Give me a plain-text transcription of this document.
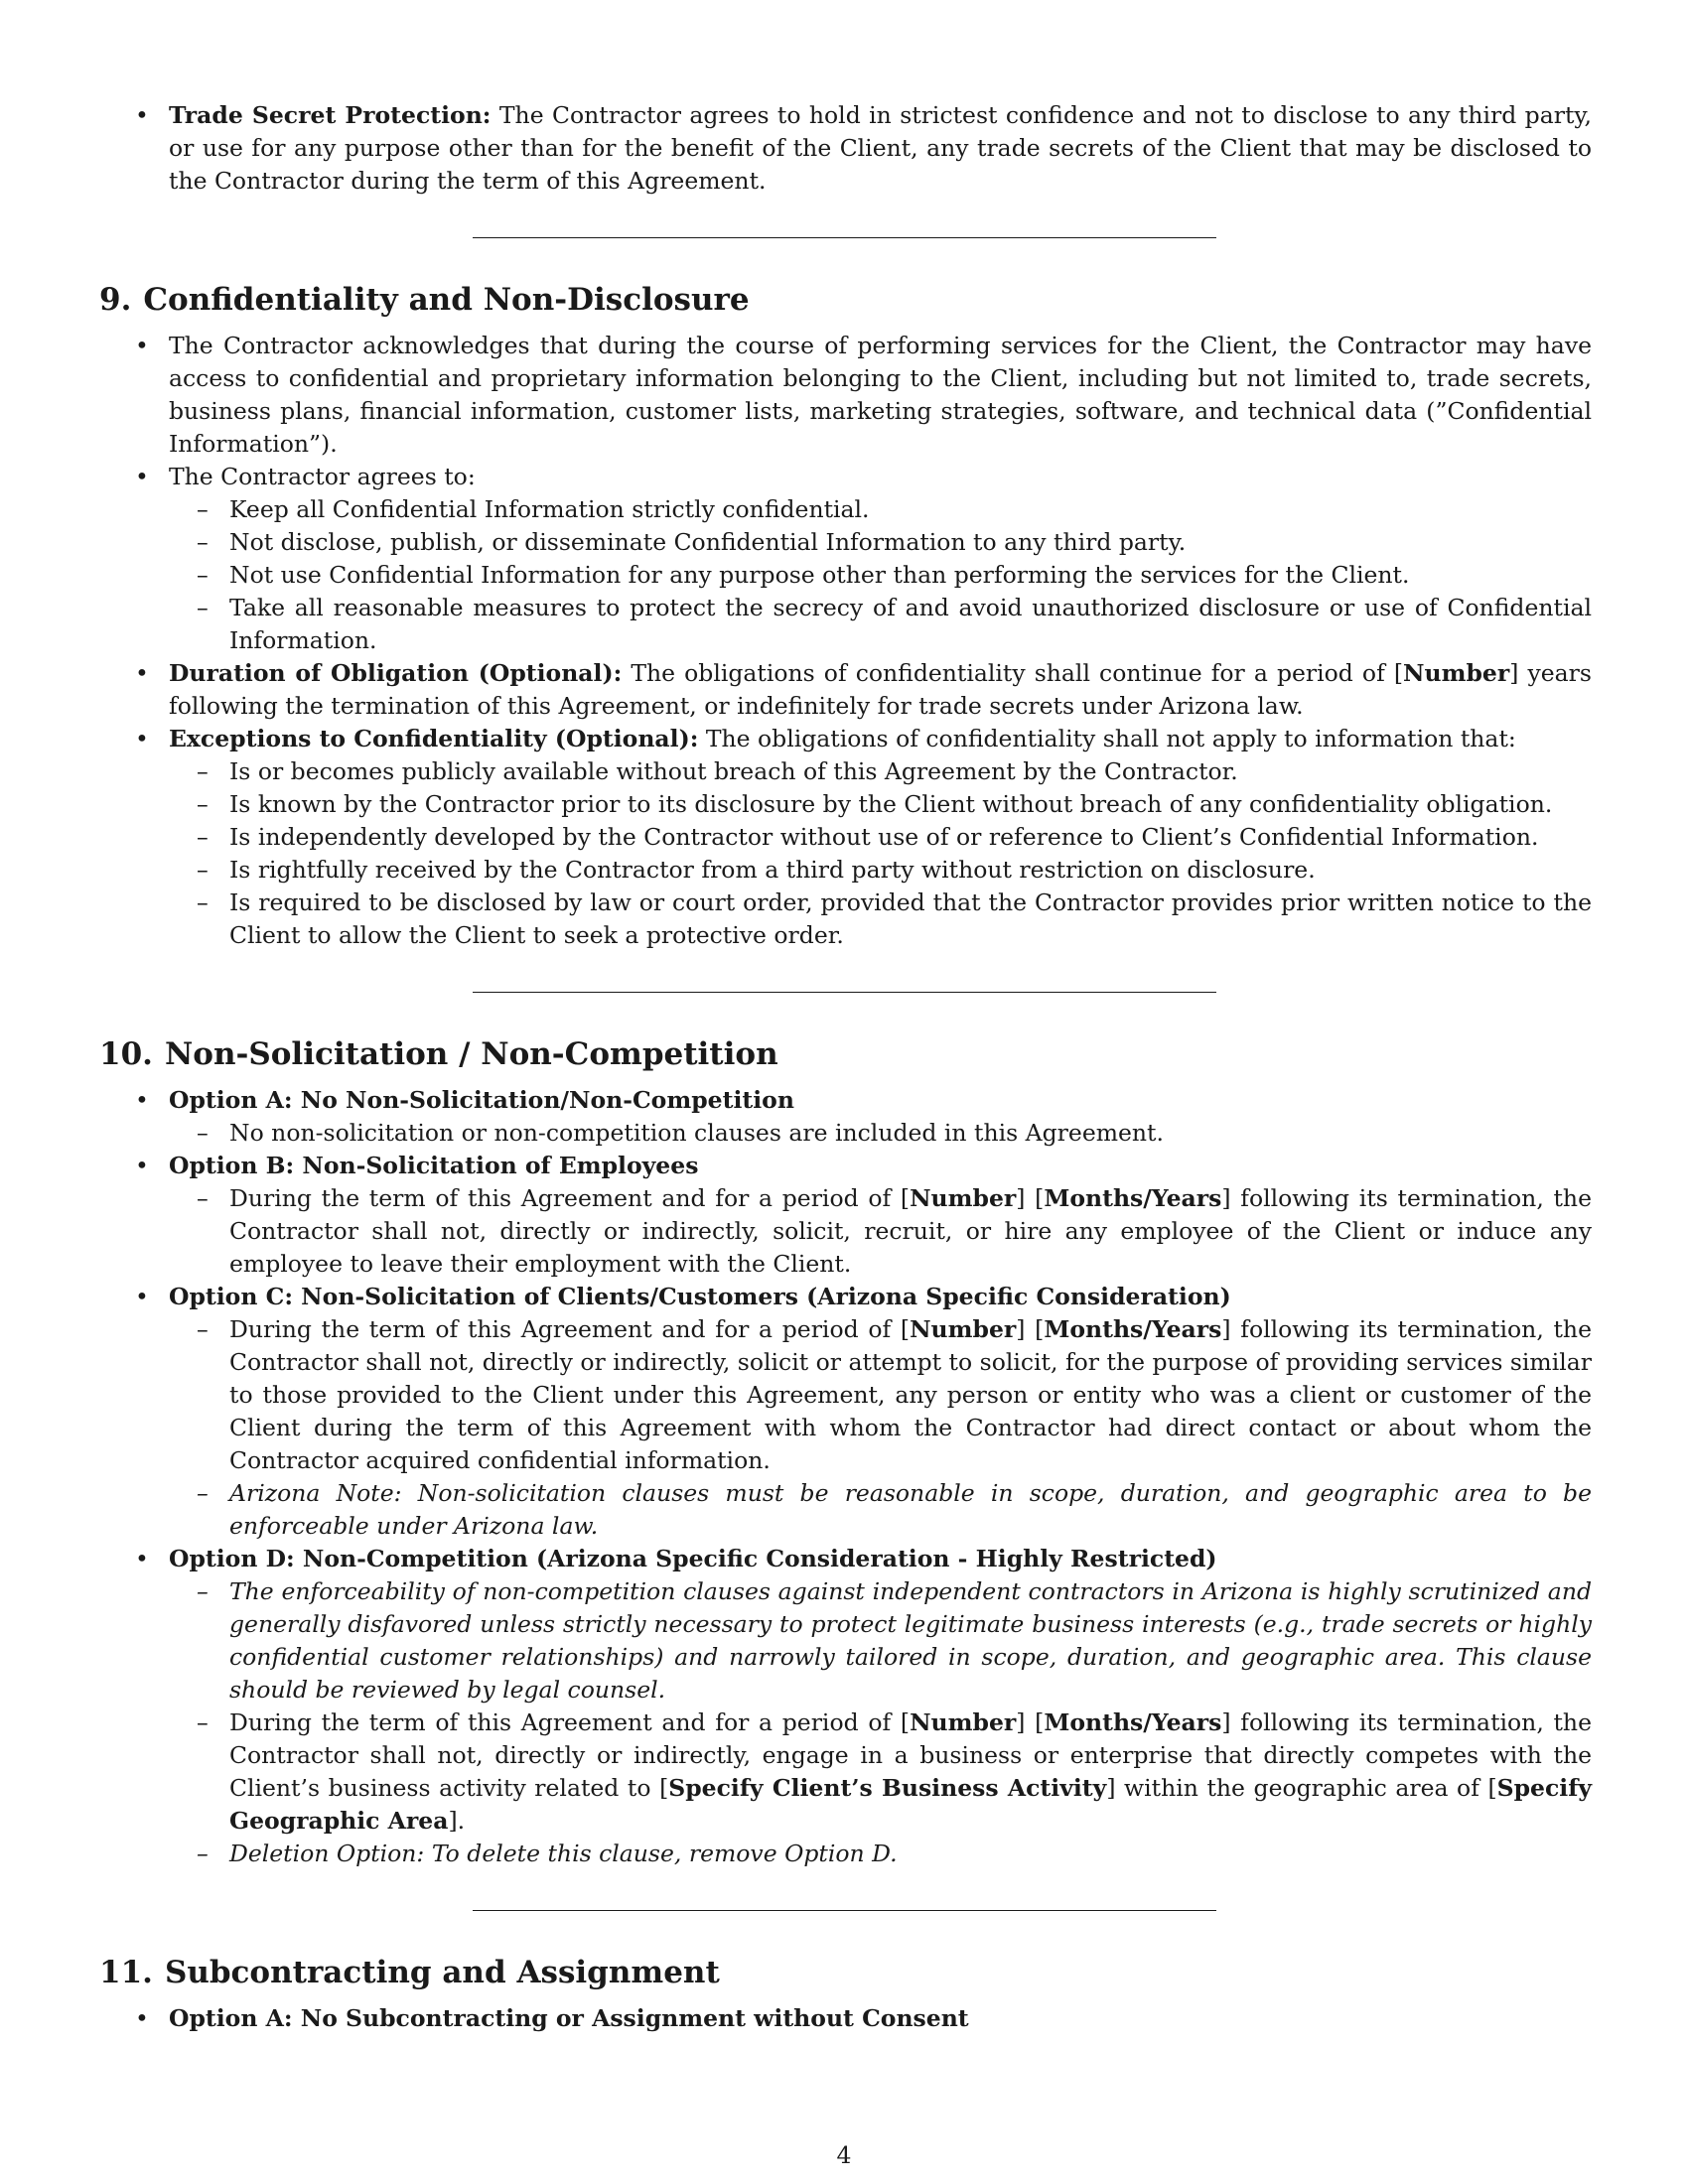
• Trade Secret Protection: The Contractor agrees to hold in strictest confidence and not to disclose to any third party, or use for any purpose other than for the benefit of the Client, any trade secrets of the Client that may be disclosed to the Contractor during the term of this Agreement.
9. Confidentiality and Non-Disclosure
• The Contractor acknowledges that during the course of performing services for the Client, the Contractor may have access to confidential and proprietary information belonging to the Client, including but not limited to, trade secrets, business plans, financial information, customer lists, marketing strategies, software, and technical data (”Confidential Information”).
• The Contractor agrees to:
– Keep all Confidential Information strictly confidential.
– Not disclose, publish, or disseminate Confidential Information to any third party.
– Not use Confidential Information for any purpose other than performing the services for the Client.
– Take all reasonable measures to protect the secrecy of and avoid unauthorized disclosure or use of Confidential Information.
• Duration of Obligation (Optional): The obligations of confidentiality shall continue for a period of [Number] years following the termination of this Agreement, or indefinitely for trade secrets under Arizona law.
• Exceptions to Confidentiality (Optional): The obligations of confidentiality shall not apply to information that:
– Is or becomes publicly available without breach of this Agreement by the Contractor.
– Is known by the Contractor prior to its disclosure by the Client without breach of any confidentiality obligation.
– Is independently developed by the Contractor without use of or reference to Client’s Confidential Information.
– Is rightfully received by the Contractor from a third party without restriction on disclosure.
– Is required to be disclosed by law or court order, provided that the Contractor provides prior written notice to the Client to allow the Client to seek a protective order.
10. Non-Solicitation / Non-Competition
• Option A: No Non-Solicitation/Non-Competition
– No non-solicitation or non-competition clauses are included in this Agreement.
• Option B: Non-Solicitation of Employees
– During the term of this Agreement and for a period of [Number] [Months/Years] following its termination, the Contractor shall not, directly or indirectly, solicit, recruit, or hire any employee of the Client or induce any employee to leave their employment with the Client.
• Option C: Non-Solicitation of Clients/Customers (Arizona Specific Consideration)
– During the term of this Agreement and for a period of [Number] [Months/Years] following its termination, the Contractor shall not, directly or indirectly, solicit or attempt to solicit, for the purpose of providing services similar to those provided to the Client under this Agreement, any person or entity who was a client or customer of the Client during the term of this Agreement with whom the Contractor had direct contact or about whom the Contractor acquired confidential information.
– Arizona Note: Non-solicitation clauses must be reasonable in scope, duration, and geographic area to be enforceable under Arizona law.
• Option D: Non-Competition (Arizona Specific Consideration - Highly Restricted)
– The enforceability of non-competition clauses against independent contractors in Arizona is highly scrutinized and generally disfavored unless strictly necessary to protect legitimate business interests (e.g., trade secrets or highly confidential customer relationships) and narrowly tailored in scope, duration, and geographic area. This clause should be reviewed by legal counsel.
– During the term of this Agreement and for a period of [Number] [Months/Years] following its termination, the Contractor shall not, directly or indirectly, engage in a business or enterprise that directly competes with the Client’s business activity related to [Specify Client’s Business Activity] within the geographic area of [Specify Geographic Area].
– Deletion Option: To delete this clause, remove Option D.
11. Subcontracting and Assignment
• Option A: No Subcontracting or Assignment without Consent
4
